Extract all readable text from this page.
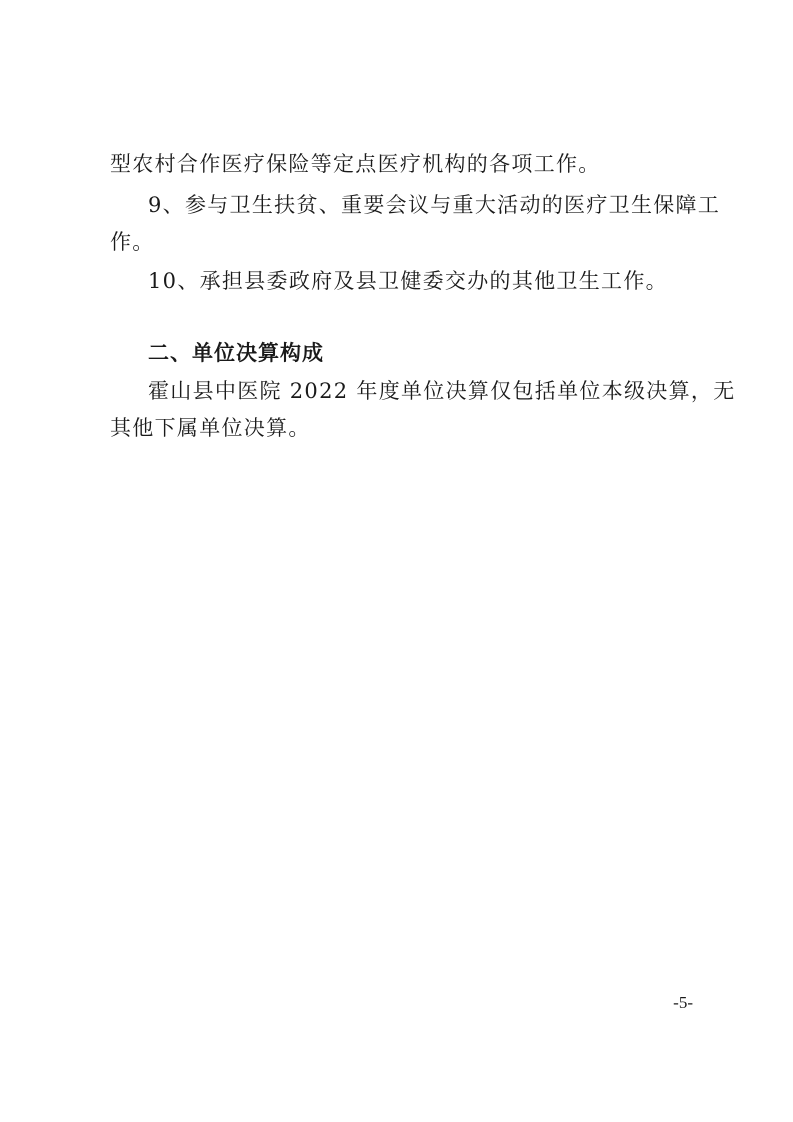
型农村合作医疗保险等定点医疗机构的各项工作。
9、参与卫生扶贫、重要会议与重大活动的医疗卫生保障工
作。
10、承担县委政府及县卫健委交办的其他卫生工作。
二、单位决算构成
霍山县中医院 2022 年度单位决算仅包括单位本级决算，无
其他下属单位决算。
-5-
